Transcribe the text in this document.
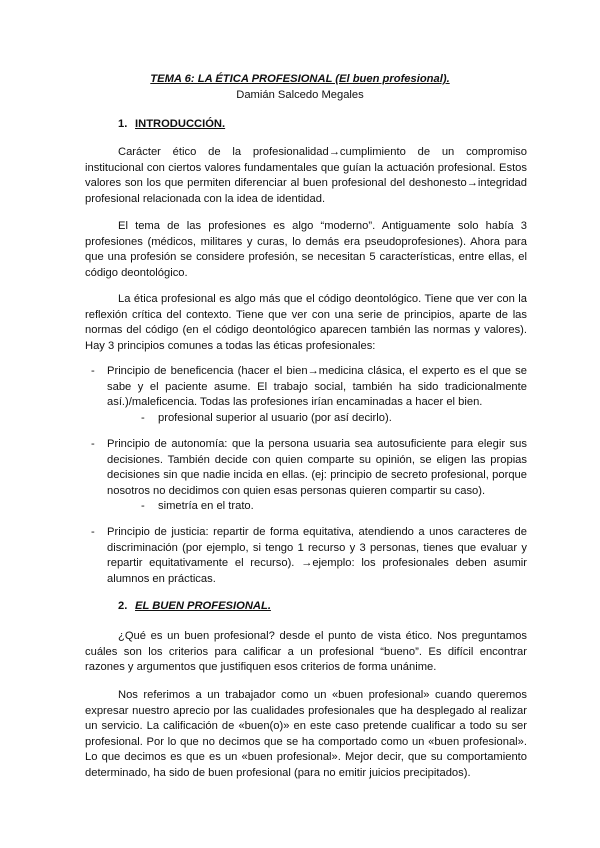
TEMA 6: LA ÉTICA PROFESIONAL (El buen profesional).
Damián Salcedo Megales
1. INTRODUCCIÓN.
Carácter ético de la profesionalidad→cumplimiento de un compromiso institucional con ciertos valores fundamentales que guían la actuación profesional. Estos valores son los que permiten diferenciar al buen profesional del deshonesto→integridad profesional relacionada con la idea de identidad.
El tema de las profesiones es algo “moderno”. Antiguamente solo había 3 profesiones (médicos, militares y curas, lo demás era pseudoprofesiones). Ahora para que una profesión se considere profesión, se necesitan 5 características, entre ellas, el código deontológico.
La ética profesional es algo más que el código deontológico. Tiene que ver con la reflexión crítica del contexto. Tiene que ver con una serie de principios, aparte de las normas del código (en el código deontológico aparecen también las normas y valores). Hay 3 principios comunes a todas las éticas profesionales:
- Principio de beneficencia (hacer el bien→medicina clásica, el experto es el que se sabe y el paciente asume. El trabajo social, también ha sido tradicionalmente así.)/maleficencia. Todas las profesiones irían encaminadas a hacer el bien.
- profesional superior al usuario (por así decirlo).
- Principio de autonomía: que la persona usuaria sea autosuficiente para elegir sus decisiones. También decide con quien comparte su opinión, se eligen las propias decisiones sin que nadie incida en ellas. (ej: principio de secreto profesional, porque nosotros no decidimos con quien esas personas quieren compartir su caso).
- simetría en el trato.
- Principio de justicia: repartir de forma equitativa, atendiendo a unos caracteres de discriminación (por ejemplo, si tengo 1 recurso y 3 personas, tienes que evaluar y repartir equitativamente el recurso). →ejemplo: los profesionales deben asumir alumnos en prácticas.
2. EL BUEN PROFESIONAL.
¿Qué es un buen profesional? desde el punto de vista ético. Nos preguntamos cuáles son los criterios para calificar a un profesional “bueno”. Es difícil encontrar razones y argumentos que justifiquen esos criterios de forma unánime.
Nos referimos a un trabajador como un «buen profesional» cuando queremos expresar nuestro aprecio por las cualidades profesionales que ha desplegado al realizar un servicio. La calificación de «buen(o)» en este caso pretende cualificar a todo su ser profesional. Por lo que no decimos que se ha comportado como un «buen profesional». Lo que decimos es que es un «buen profesional». Mejor decir, que su comportamiento determinado, ha sido de buen profesional (para no emitir juicios precipitados).
